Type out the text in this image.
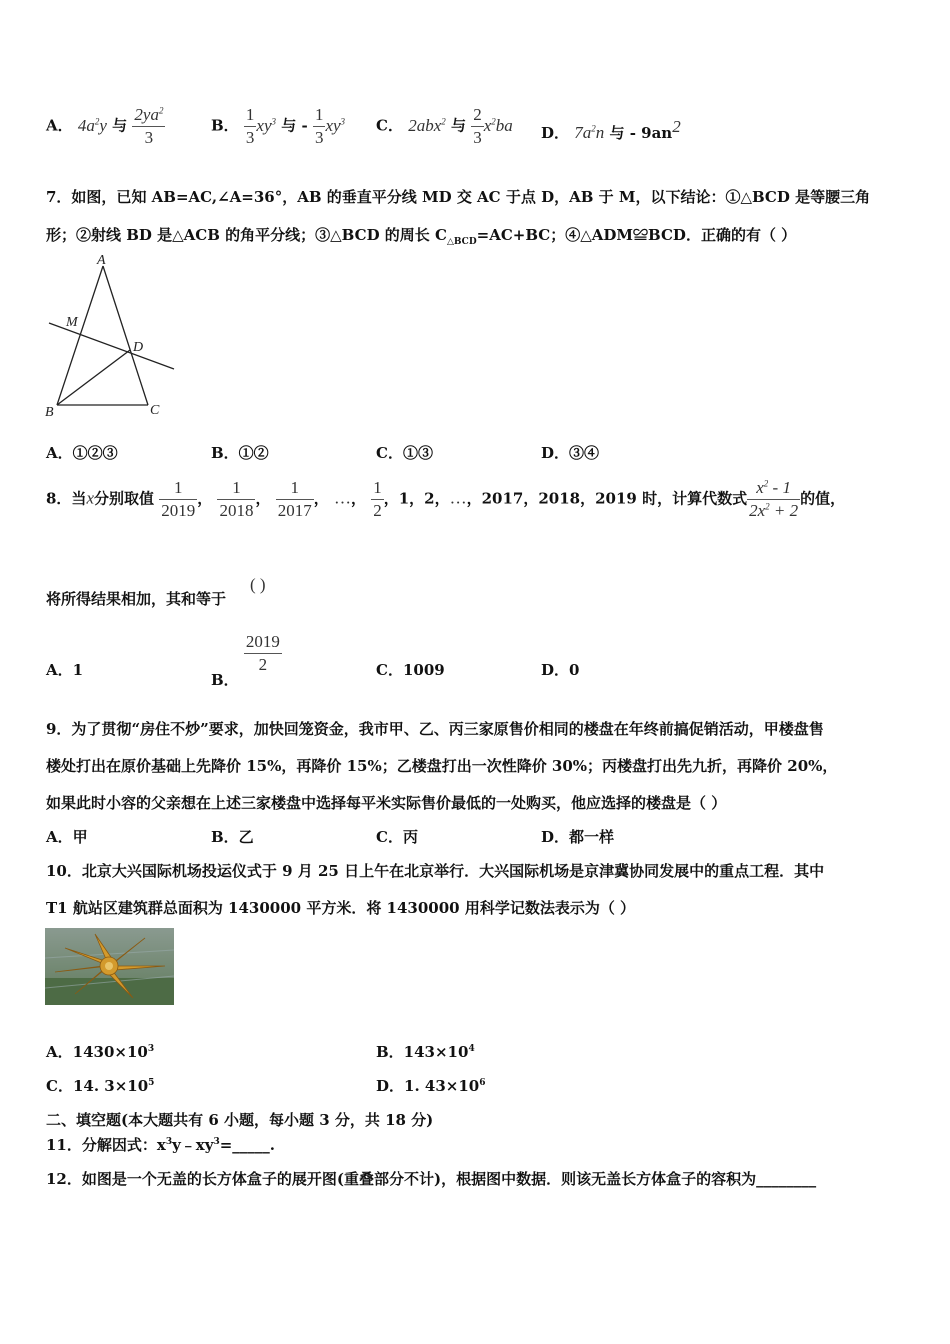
A． $4a^2y$ 与 $\frac{2ya^2}{3}$	B． $\frac{1}{3} xy^3$ 与 - $\frac{1}{3} xy^3$ C． 2abx$^2$ 与 $\frac{2}{3} x^2ba$ D． $7a^2n$ 与 - $9an^2$
7．如图，已知 AB=AC,∠A=36°，AB 的垂直平分线 MD 交 AC 于点 D，AB 于 M，以下结论：①△BCD 是等腰三角
形；②射线 BD 是△ACB 的角平分线；③△BCD 的周长 $C_{\triangle BCD}=AC+BC$；④△ADM≌BCD．正确的有（ ）
A
M
D
B	C
A．①②③	B．①②	C．①③	D．③④
8．当x分别取值 $\frac{1}{2019}$ ， $\frac{1}{2018}$ ， $\frac{1}{2017}$ ， …， $\frac{1}{2}$ ，1，2，…，2017，2018，2019 时，计算代数式 $\frac{x^2 - 1}{2x^2 + 2}$ 的值，
将所得结果相加，其和等于
( )
A．1
B．
$\frac{2019}{2}$	C．1009	D．0
9．为了贯彻“房住不炒”要求，加快回笼资金，我市甲、乙、丙三家原售价相同的楼盘在年终前搞促销活动，甲楼盘售
楼处打出在原价基础上先降价 15%，再降价 15%；乙楼盘打出一次性降价 30%；丙楼盘打出先九折，再降价 20%，
如果此时小容的父亲想在上述三家楼盘中选择每平米实际售价最低的一处购买，他应选择的楼盘是（ ）
A．甲	B．乙	C．丙	D．都一样
10．北京大兴国际机场投运仪式于 9 月 25 日上午在北京举行．大兴国际机场是京津冀协同发展中的重点工程．其中
T1 航站区建筑群总面积为 1430000 平方米．将 1430000 用科学记数法表示为（ ）
A．$1430\times 10^3$	B．$143\times 10^4$
C．14. $3\times 10^5$	D．1. $43\times 10^6$
二、填空题(本大题共有 6 小题，每小题 3 分，共 18 分)
11．分解因式：$x^3y﹣xy^3=\_\_\_\_\_$.
12．如图是一个无盖的长方体盒子的展开图(重叠部分不计)，根据图中数据．则该无盖长方体盒子的容积为________
